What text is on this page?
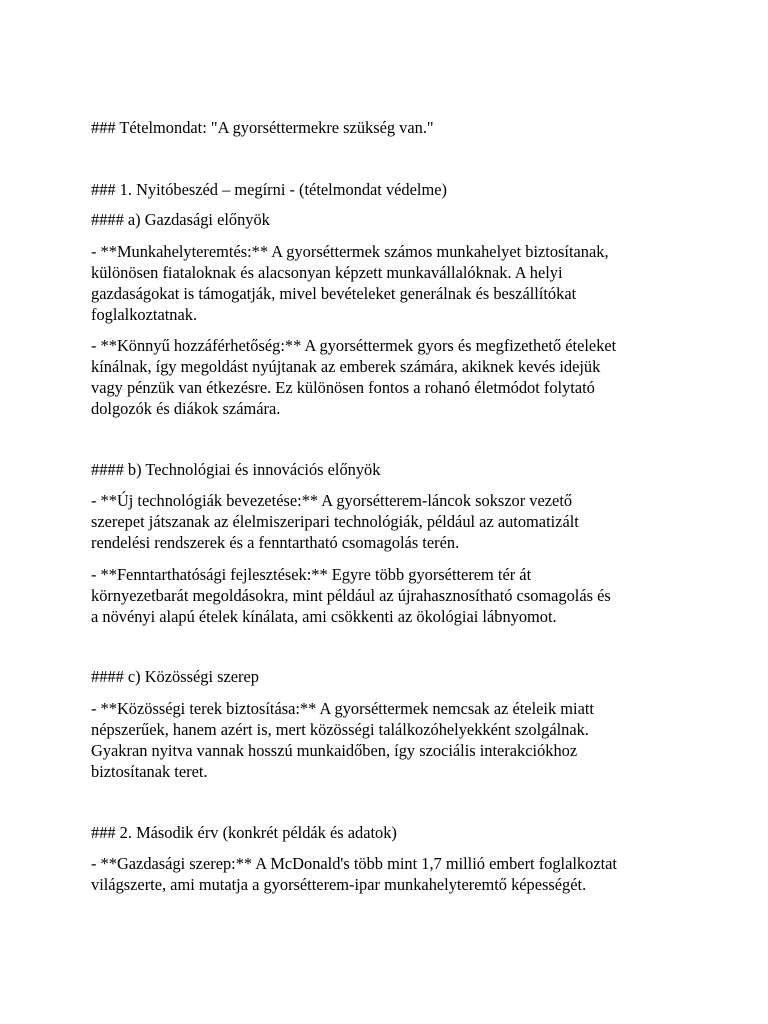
### Tételmondat: "A gyorséttermekre szükség van."

### 1. Nyitóbeszéd – megírni - (tételmondat védelme)

#### a) Gazdasági előnyök

- **Munkahelyteremtés:** A gyorséttermek számos munkahelyet biztosítanak,

különösen fiataloknak és alacsonyan képzett munkavállalóknak. A helyi

gazdaságokat is támogatják, mivel bevételeket generálnak és beszállítókat

foglalkoztatnak.

- **Könnyű hozzáférhetőség:** A gyorséttermek gyors és megfizethető ételeket

kínálnak, így megoldást nyújtanak az emberek számára, akiknek kevés idejük

vagy pénzük van étkezésre. Ez különösen fontos a rohanó életmódot folytató

dolgozók és diákok számára.

#### b) Technológiai és innovációs előnyök

- **Új technológiák bevezetése:** A gyorsétterem-láncok sokszor vezető

szerepet játszanak az élelmiszeripari technológiák, például az automatizált

rendelési rendszerek és a fenntartható csomagolás terén.

- **Fenntarthatósági fejlesztések:** Egyre több gyorsétterem tér át

környezetbarát megoldásokra, mint például az újrahasznosítható csomagolás és

a növényi alapú ételek kínálata, ami csökkenti az ökológiai lábnyomot.

#### c) Közösségi szerep

- **Közösségi terek biztosítása:** A gyorséttermek nemcsak az ételeik miatt

népszerűek, hanem azért is, mert közösségi találkozóhelyekként szolgálnak.

Gyakran nyitva vannak hosszú munkaidőben, így szociális interakciókhoz

biztosítanak teret.

### 2. Második érv (konkrét példák és adatok)

- **Gazdasági szerep:** A McDonald's több mint 1,7 millió embert foglalkoztat

világszerte, ami mutatja a gyorsétterem-ipar munkahelyteremtő képességét.
